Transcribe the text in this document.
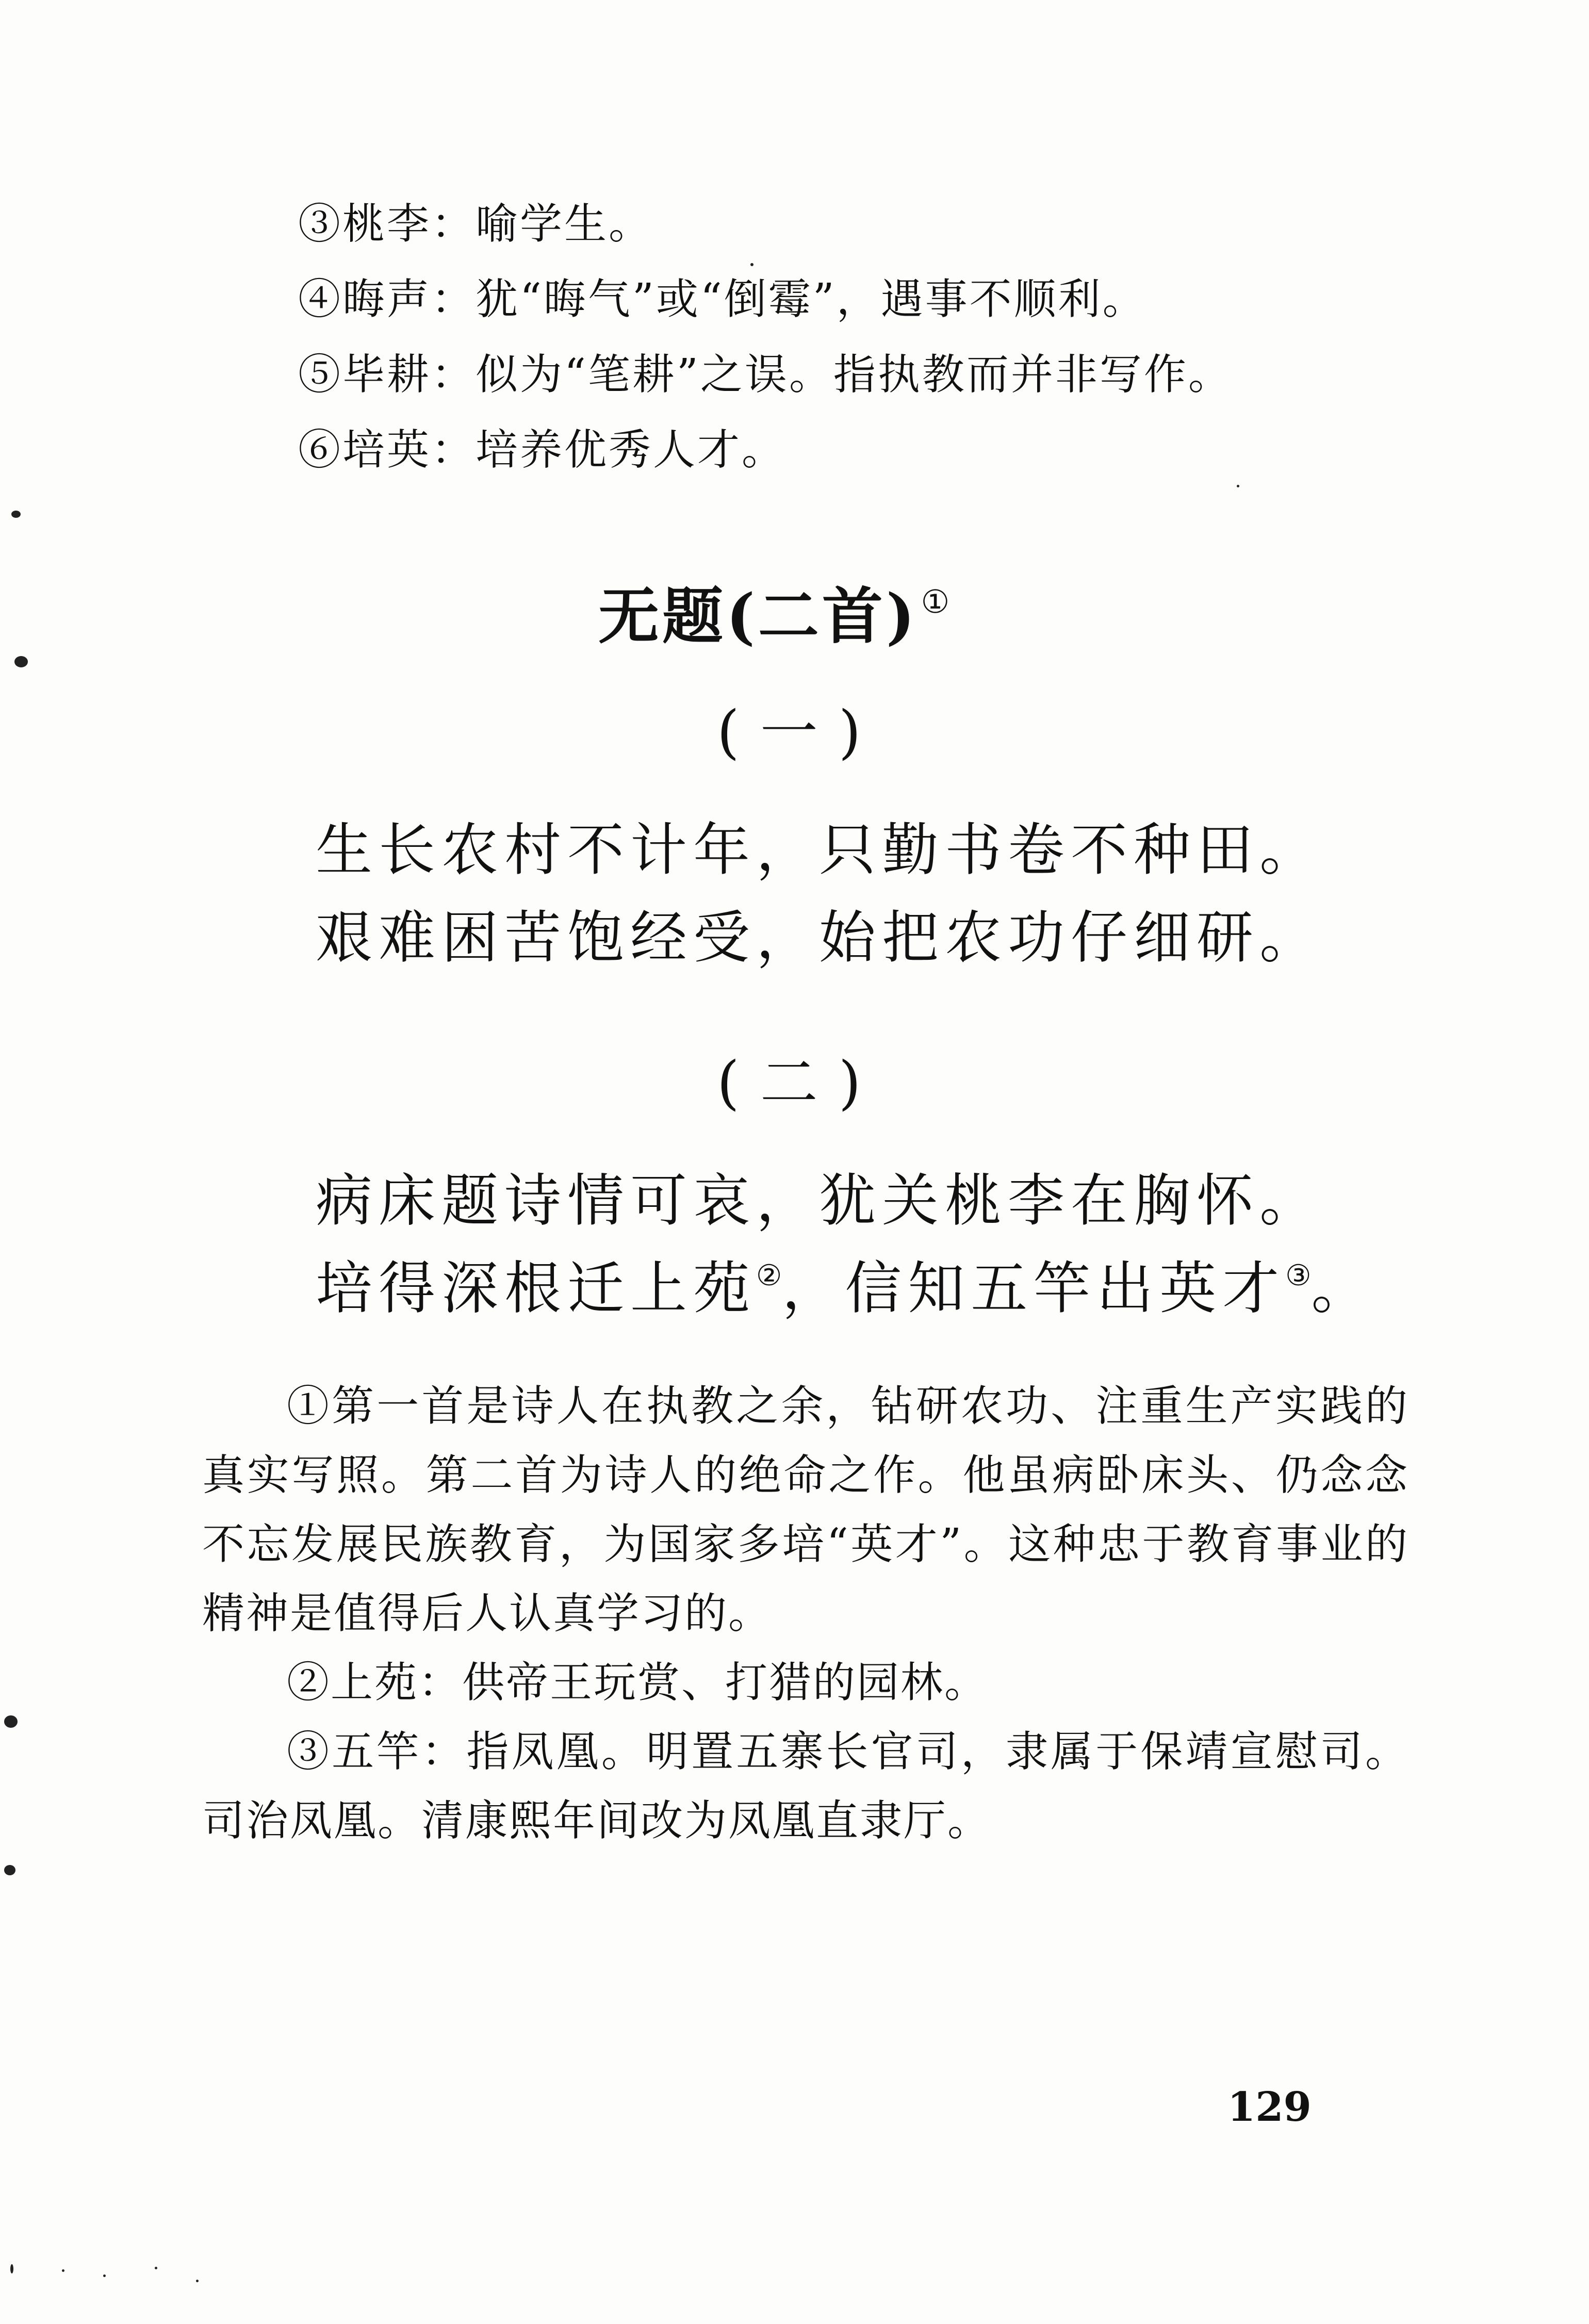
③桃李：喻学生。
④晦声：犹“晦气”或“倒霉”，遇事不顺利。
⑤毕耕：似为“笔耕”之误。指执教而并非写作。
⑥培英：培养优秀人才。
无题(二首)①
(一)
生长农村不计年，只勤书卷不种田。
艰难困苦饱经受，始把农功仔细研。
(二)
病床题诗情可哀，犹关桃李在胸怀。
培得深根迁上苑②，信知五竿出英才③。

①第一首是诗人在执教之余，钻研农功、注重生产实践的真实写照。第二首为诗人的绝命之作。他虽病卧床头、仍念念不忘发展民族教育，为国家多培“英才”。这种忠于教育事业的精神是值得后人认真学习的。

②上苑：供帝王玩赏、打猎的园林。

③五竿：指凤凰。明置五寨长官司，隶属于保靖宣慰司。司治凤凰。清康熙年间改为凤凰直隶厅。

129
